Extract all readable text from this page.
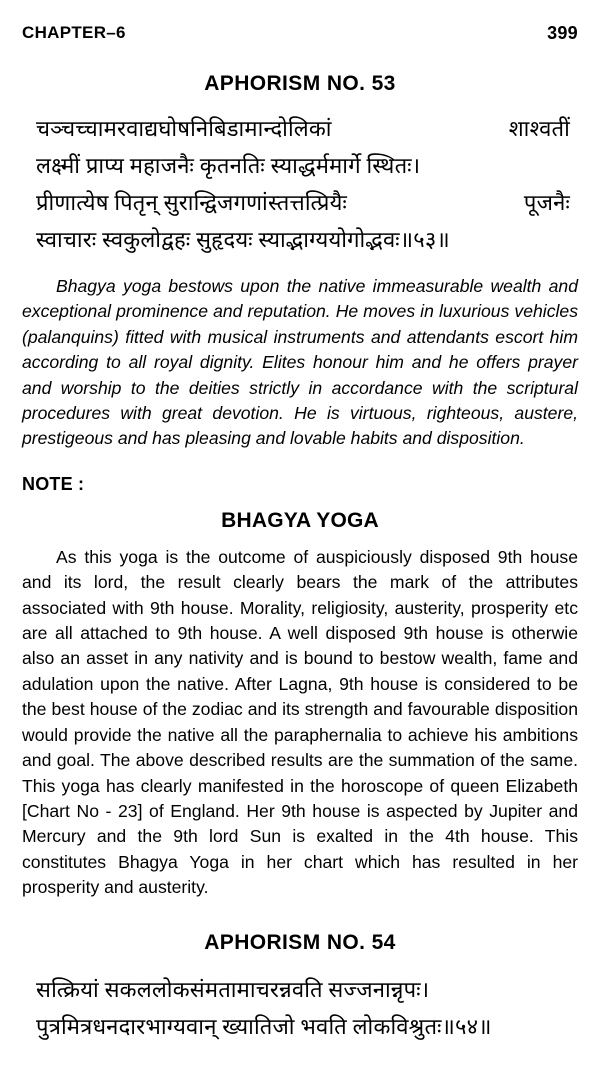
CHAPTER–6	399
APHORISM NO. 53
चञ्चच्चामरवाद्यघोषनिबिडामान्दोलिकां	शाश्वतीं
लक्ष्मीं प्राप्य महाजनैः कृतनतिः स्याद्धर्ममार्गे स्थितः।
प्रीणात्येष पितृन् सुरान्द्विजगणांस्तत्तत्प्रियैः	पूजनैः
स्वाचारः स्वकुलोद्वहः सुहृदयः स्याद्भाग्ययोगोद्भवः॥५३॥

Bhagya yoga bestows upon the native immeasurable wealth and exceptional prominence and reputation. He moves in luxurious vehicles (palanquins) fitted with musical instruments and attendants escort him according to all royal dignity. Elites honour him and he offers prayer and worship to the deities strictly in accordance with the scriptural procedures with great devotion. He is virtuous, righteous, austere, prestigeous and has pleasing and lovable habits and disposition.

NOTE :
BHAGYA YOGA

As this yoga is the outcome of auspiciously disposed 9th house and its lord, the result clearly bears the mark of the attributes associated with 9th house. Morality, religiosity, austerity, prosperity etc are all attached to 9th house. A well disposed 9th house is otherwie also an asset in any nativity and is bound to bestow wealth, fame and adulation upon the native. After Lagna, 9th house is considered to be the best house of the zodiac and its strength and favourable disposition would provide the native all the paraphernalia to achieve his ambitions and goal. The above described results are the summation of the same. This yoga has clearly manifested in the horoscope of queen Elizabeth [Chart No - 23] of England. Her 9th house is aspected by Jupiter and Mercury and the 9th lord Sun is exalted in the 4th house. This constitutes Bhagya Yoga in her chart which has resulted in her prosperity and austerity.

APHORISM NO. 54
सत्क्रियां सकललोकसंमतामाचरन्नवति सज्जनान्नृपः।
पुत्रमित्रधनदारभाग्यवान् ख्यातिजो भवति लोकविश्रुतः॥५४॥
